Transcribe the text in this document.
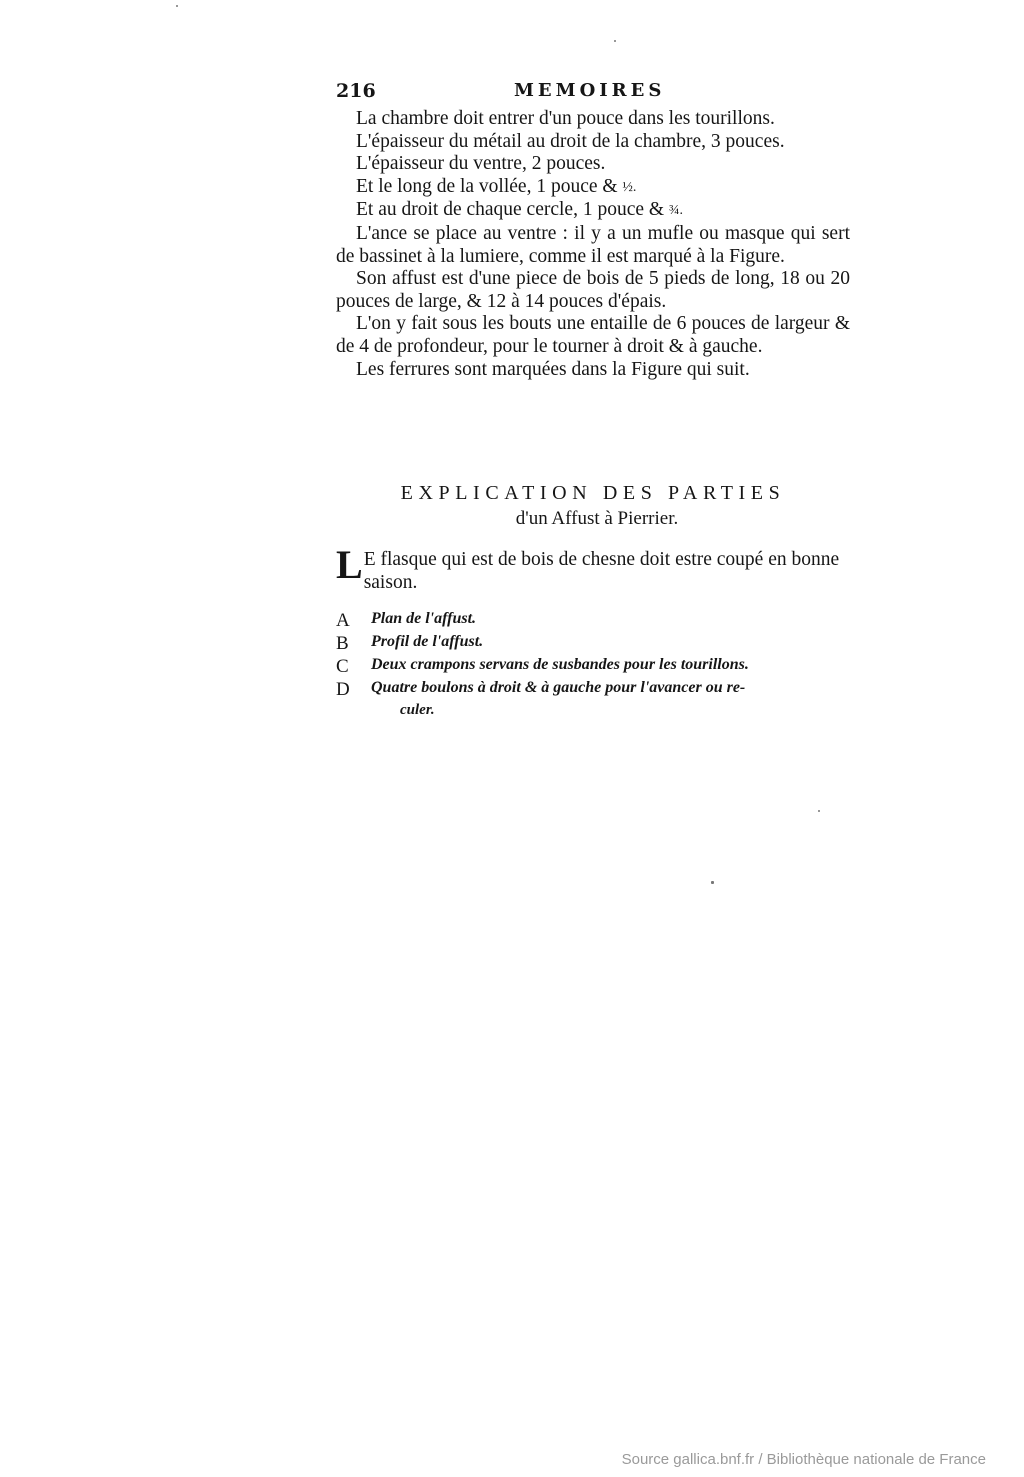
216	MEMOIRES

La chambre doit entrer d'un pouce dans les tourillons.

L'épaisseur du métail au droit de la chambre, 3 pouces.

L'épaisseur du ventre, 2 pouces.

Et le long de la vollée, 1 pouce & ½.

Et au droit de chaque cercle, 1 pouce & ¾.

L'ance se place au ventre : il y a un mufle ou masque qui sert de bassinet à la lumiere, comme il est marqué à la Figure.

Son affust est d'une piece de bois de 5 pieds de long, 18 ou 20 pouces de large, & 12 à 14 pouces d'épais.

L'on y fait sous les bouts une entaille de 6 pouces de largeur & de 4 de profondeur, pour le tourner à droit & à gauche.

Les ferrures sont marquées dans la Figure qui suit.

EXPLICATION DES PARTIES
d'un Affust à Pierrier.
L E flasque qui est de bois de chesne doit estre coupé en bonne saison.
A	Plan de l'affust.
B	Profil de l'affust.
C	Deux crampons servans de susbandes pour les tourillons.
D	Quatre boulons à droit & à gauche pour l'avancer ou re-
culer.
Source gallica.bnf.fr / Bibliothèque nationale de France
